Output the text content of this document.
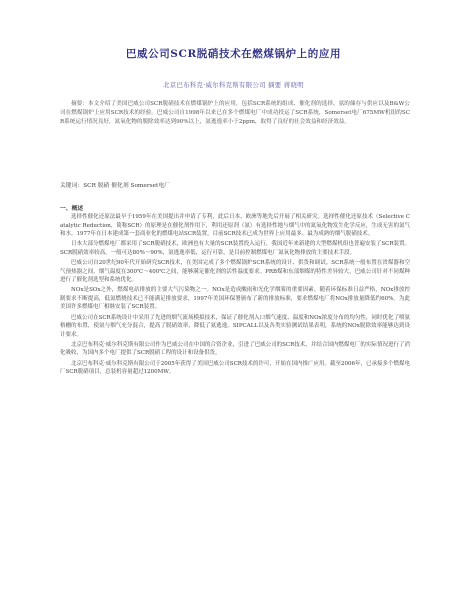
巴威公司SCR脱硝技术在燃煤锅炉上的应用
北京巴布科克·威尔科克斯有限公司 摘要 蒋晓明

摘要：本文介绍了美国巴威公司SCR脱硝技术在燃煤锅炉上的应用，包括SCR系统的组成、催化剂的选择、氨的储存与供应以及B&W公司在燃煤锅炉上应用SCR技术的经验。巴威公司自1998年以来已在多个燃煤电厂中成功投运了SCR系统，Somerset电厂675MW机组的SCR系统运行情况良好，氮氧化物的脱除效率达到90%以上，氨逃逸率小于2ppm，取得了良好的社会效益和经济效益。

关键词：SCR 脱硝 催化剂 Somerset电厂
一、概述

选择性催化还原法最早于1959年在美国提出并申请了专利，此后日本、欧洲等地先后开展了相关研究。选择性催化还原技术（Selective Catalytic Reduction，简称SCR）的原理是在催化剂作用下，利用还原剂（氨）有选择性地与烟气中的氮氧化物发生化学反应，生成无害的氮气和水。1977年在日本建成第一套商业化的燃煤电站SCR装置，目前SCR技术已成为世界上应用最多、最为成熟的烟气脱硝技术。

日本大部分燃煤电厂都采用了SCR脱硝技术，欧洲也有大量的SCR装置投入运行，我国近年来新建的大型燃煤机组也普遍安装了SCR装置。SCR脱硝效率较高，一般可达80%～90%，氨逃逸率低，运行可靠，是目前控制燃煤电厂氮氧化物排放的主要技术手段。

巴威公司自20世纪90年代开始研究SCR技术，在美国完成了多个燃煤锅炉SCR系统的设计、供货和调试。SCR系统一般布置在省煤器和空气预热器之间，烟气温度在300℃～400℃之间，能够满足催化剂的活性温度要求。PRB煤和东部烟煤的特性差异较大，巴威公司针对不同煤种进行了催化剂选型和系统优化。

NOx是SOx之外，燃煤电站排放的主要大气污染物之一。NOx是造成酸雨和光化学烟雾的重要因素。随着环保标准日益严格，NOx排放控制要求不断提高，低氮燃烧技术已不能满足排放要求，1997年美国环保署颁布了新的排放标准，要求燃煤电厂将NOx排放量降低约60%。为此美国许多燃煤电厂相继安装了SCR装置。

巴威公司在SCR系统设计中采用了先进的烟气流场模拟技术，保证了催化剂入口烟气速度、温度和NOx浓度分布的均匀性，同时优化了喷氨格栅的布置，使氨与烟气充分混合，提高了脱硝效率，降低了氨逃逸。SIPCALL以及各类实验测试结果表明，系统的NOx脱除效率能够达到设计要求。

北京巴布科克·威尔科克斯有限公司作为巴威公司在中国的合资企业，引进了巴威公司的SCR技术，并结合国内燃煤电厂的实际情况进行了消化吸收，为国内多个电厂提供了SCR脱硝工程的设计和设备供货。

北京巴布科克·威尔科克斯有限公司于2005年获得了美国巴威公司SCR技术的许可，开始在国内推广应用。截至2006年，已承接多个燃煤电厂SCR脱硝项目，总装机容量超过1200MW。
